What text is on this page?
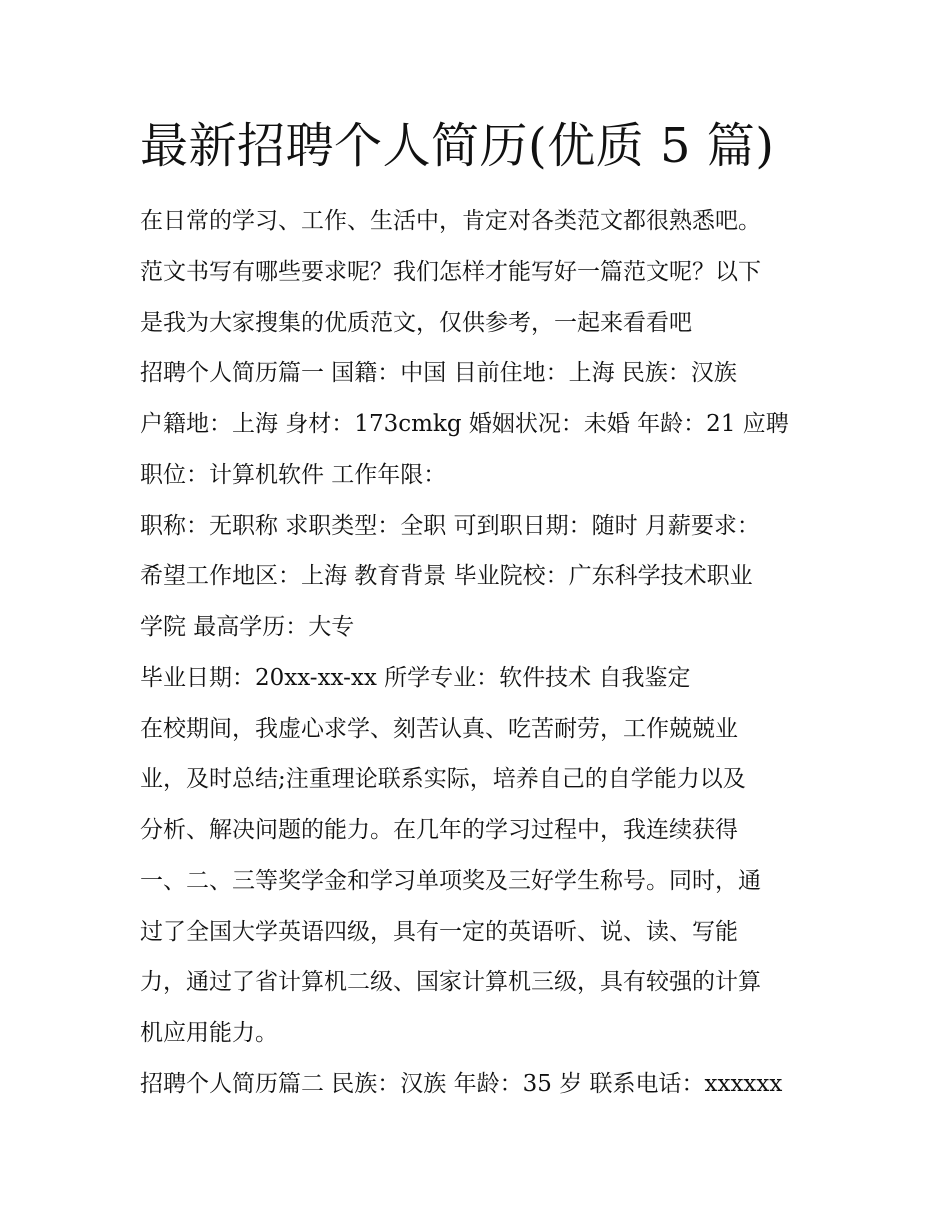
最新招聘个人简历(优质 5 篇)
在日常的学习、工作、生活中，肯定对各类范文都很熟悉吧。
范文书写有哪些要求呢？我们怎样才能写好一篇范文呢？以下
是我为大家搜集的优质范文，仅供参考，一起来看看吧
招聘个人简历篇一 国籍：中国 目前住地：上海 民族：汉族
户籍地：上海 身材：173cmkg 婚姻状况：未婚 年龄：21 应聘
职位：计算机软件 工作年限：
职称：无职称 求职类型：全职 可到职日期：随时 月薪要求：
希望工作地区：上海 教育背景 毕业院校：广东科学技术职业
学院 最高学历：大专
毕业日期：20xx-xx-xx 所学专业：软件技术 自我鉴定
在校期间，我虚心求学、刻苦认真、吃苦耐劳，工作兢兢业
业，及时总结;注重理论联系实际，培养自己的自学能力以及
分析、解决问题的能力。在几年的学习过程中，我连续获得
一、二、三等奖学金和学习单项奖及三好学生称号。同时，通
过了全国大学英语四级，具有一定的英语听、说、读、写能
力，通过了省计算机二级、国家计算机三级，具有较强的计算
机应用能力。
招聘个人简历篇二 民族：汉族 年龄：35 岁 联系电话：xxxxxx
